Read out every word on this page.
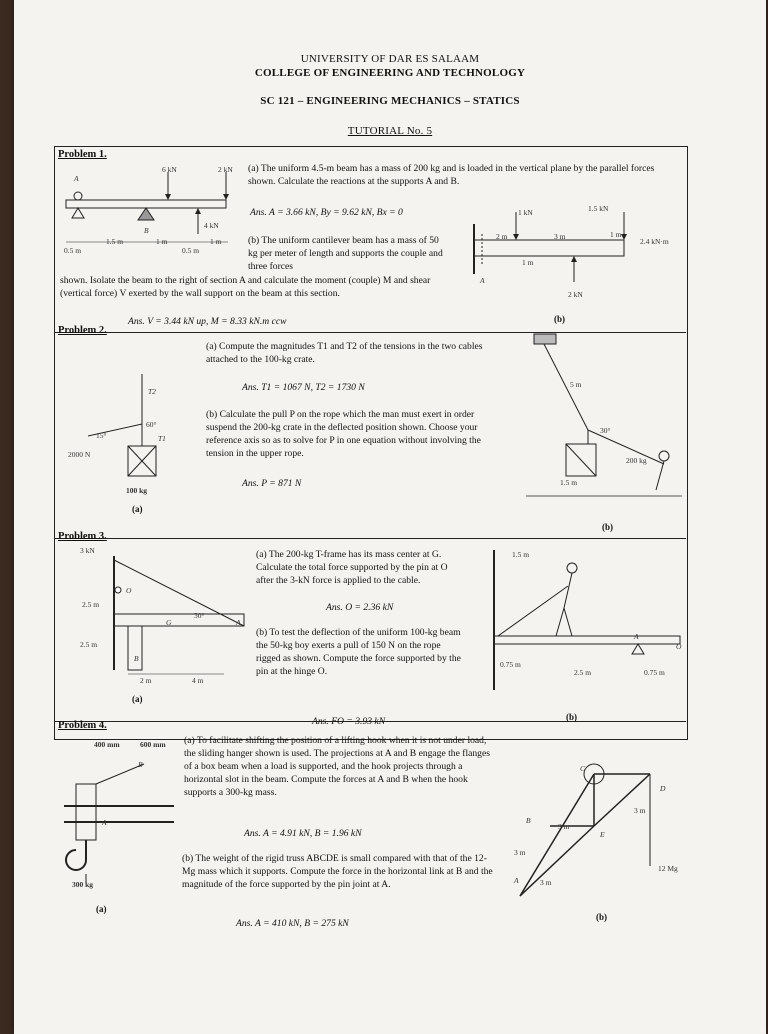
UNIVERSITY OF DAR ES SALAAM
COLLEGE OF ENGINEERING AND TECHNOLOGY
SC 121 – ENGINEERING MECHANICS – STATICS
TUTORIAL No. 5
Problem 1.
(a) The uniform 4.5-m beam has a mass of 200 kg and is loaded in the vertical plane by the parallel forces shown. Calculate the reactions at the supports A and B.
Ans. A = 3.66 kN, By = 9.62 kN, Bx = 0
(b) The uniform cantilever beam has a mass of 50 kg per meter of length and supports the couple and three forces
shown. Isolate the beam to the right of section A and calculate the moment (couple) M and shear (vertical force) V exerted by the wall support on the beam at this section.
Ans. V = 3.44 kN up, M = 8.33 kN.m ccw
6 kN	2 kN
4 kN
A
B
1.5 m	1 m	1 m
0.5 m	0.5 m
1 kN	1.5 kN
2 kN
2.4 kN·m
A
2 m	3 m
1 m
1 m
(b)
Problem 2.
(a) Compute the magnitudes T1 and T2 of the tensions in the two cables attached to the 100-kg crate.
Ans. T1 = 1067 N, T2 = 1730 N
(b) Calculate the pull P on the rope which the man must exert in order suspend the 200-kg crate in the deflected position shown. Choose your reference axis so as to solve for P in one equation without involving the tension in the upper rope.
Ans. P = 871 N
T2
T1
60°
15°
2000 N
100 kg
(a)
5 m
30°
200 kg
1.5 m
(b)
Problem 3.
(a) The 200-kg T-frame has its mass center at G. Calculate the total force supported by the pin at O after the 3-kN force is applied to the cable.
Ans. O = 2.36 kN
(b) To test the deflection of the uniform 100-kg beam the 50-kg boy exerts a pull of 150 N on the rope rigged as shown. Compute the force supported by the pin at the hinge O.
Ans. FO = 3.93 kN
3 kN
O
G	A
B
2.5 m
2.5 m
2 m	4 m
30°
(a)
1.5 m
0.75 m
2.5 m	0.75 m
A
O
(b)
Problem 4.
(a) To facilitate shifting the position of a lifting hook when it is not under load, the sliding hanger shown is used. The projections at A and B engage the flanges of a box beam when a load is supported, and the hook projects through a horizontal slot in the beam. Compute the forces at A and B when the hook supports a 300-kg mass.
Ans. A = 4.91 kN, B = 1.96 kN
(b) The weight of the rigid truss ABCDE is small compared with that of the 12-Mg mass which it supports. Compute the force in the horizontal link at B and the magnitude of the force supported by the pin joint at A.
Ans. A = 410 kN, B = 275 kN
400 mm	600 mm
A
B
300 kg
(a)
B
C
D
E
A
3 m
3 m
3 m
3 m
12 Mg
(b)
